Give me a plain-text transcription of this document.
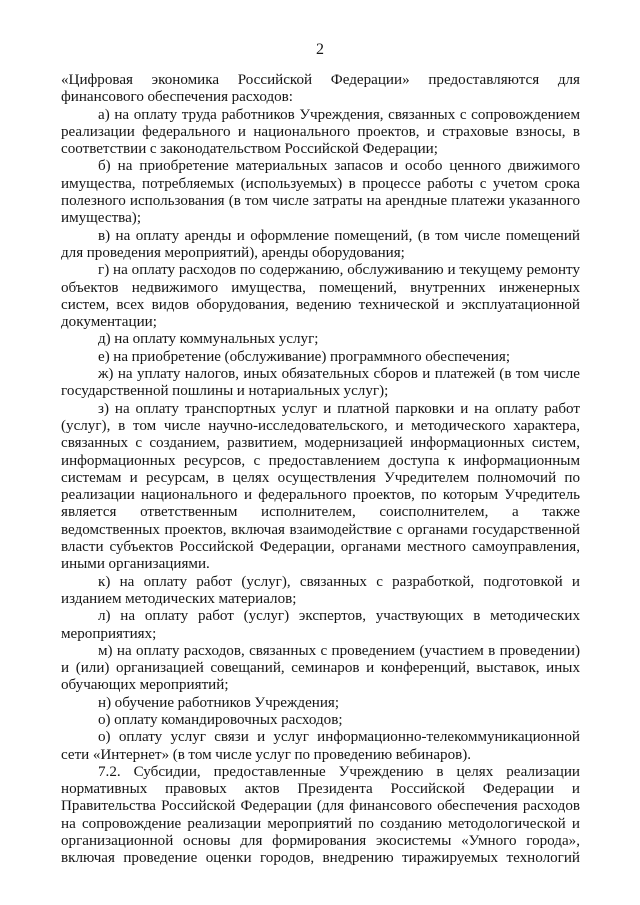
2

«Цифровая экономика Российской Федерации» предоставляются для финансового обеспечения расходов:

а) на оплату труда работников Учреждения, связанных с сопровождением реализации федерального и национального проектов, и страховые взносы, в соответствии с законодательством Российской Федерации;

б) на приобретение материальных запасов и особо ценного движимого имущества, потребляемых (используемых) в процессе работы с учетом срока полезного использования (в том числе затраты на арендные платежи указанного имущества);

в) на оплату аренды и оформление помещений, (в том числе помещений для проведения мероприятий), аренды оборудования;

г) на оплату расходов по содержанию, обслуживанию и текущему ремонту объектов недвижимого имущества, помещений, внутренних инженерных систем, всех видов оборудования, ведению технической и эксплуатационной документации;

д) на оплату коммунальных услуг;

е) на приобретение (обслуживание) программного обеспечения;

ж) на уплату налогов, иных обязательных сборов и платежей (в том числе государственной пошлины и нотариальных услуг);

з) на оплату транспортных услуг и платной парковки и на оплату работ (услуг), в том числе научно-исследовательского, и методического характера, связанных с созданием, развитием, модернизацией информационных систем, информационных ресурсов, с предоставлением доступа к информационным системам и ресурсам, в целях осуществления Учредителем полномочий по реализации национального и федерального проектов, по которым Учредитель является ответственным исполнителем, соисполнителем, а также ведомственных проектов, включая взаимодействие с органами государственной власти субъектов Российской Федерации, органами местного самоуправления, иными организациями.

к) на оплату работ (услуг), связанных с разработкой, подготовкой и изданием методических материалов;

л) на оплату работ (услуг) экспертов, участвующих в методических мероприятиях;

м) на оплату расходов, связанных с проведением (участием в проведении) и (или) организацией совещаний, семинаров и конференций, выставок, иных обучающих мероприятий;

н) обучение работников Учреждения;

о) оплату командировочных расходов;

о) оплату услуг связи и услуг информационно-телекоммуникационной сети «Интернет» (в том числе услуг по проведению вебинаров).

7.2. Субсидии, предоставленные Учреждению в целях реализации нормативных правовых актов Президента Российской Федерации и Правительства Российской Федерации (для финансового обеспечения расходов на сопровождение реализации мероприятий по созданию методологической и организационной основы для формирования экосистемы «Умного города», включая проведение оценки городов, внедрению тиражируемых технологий
